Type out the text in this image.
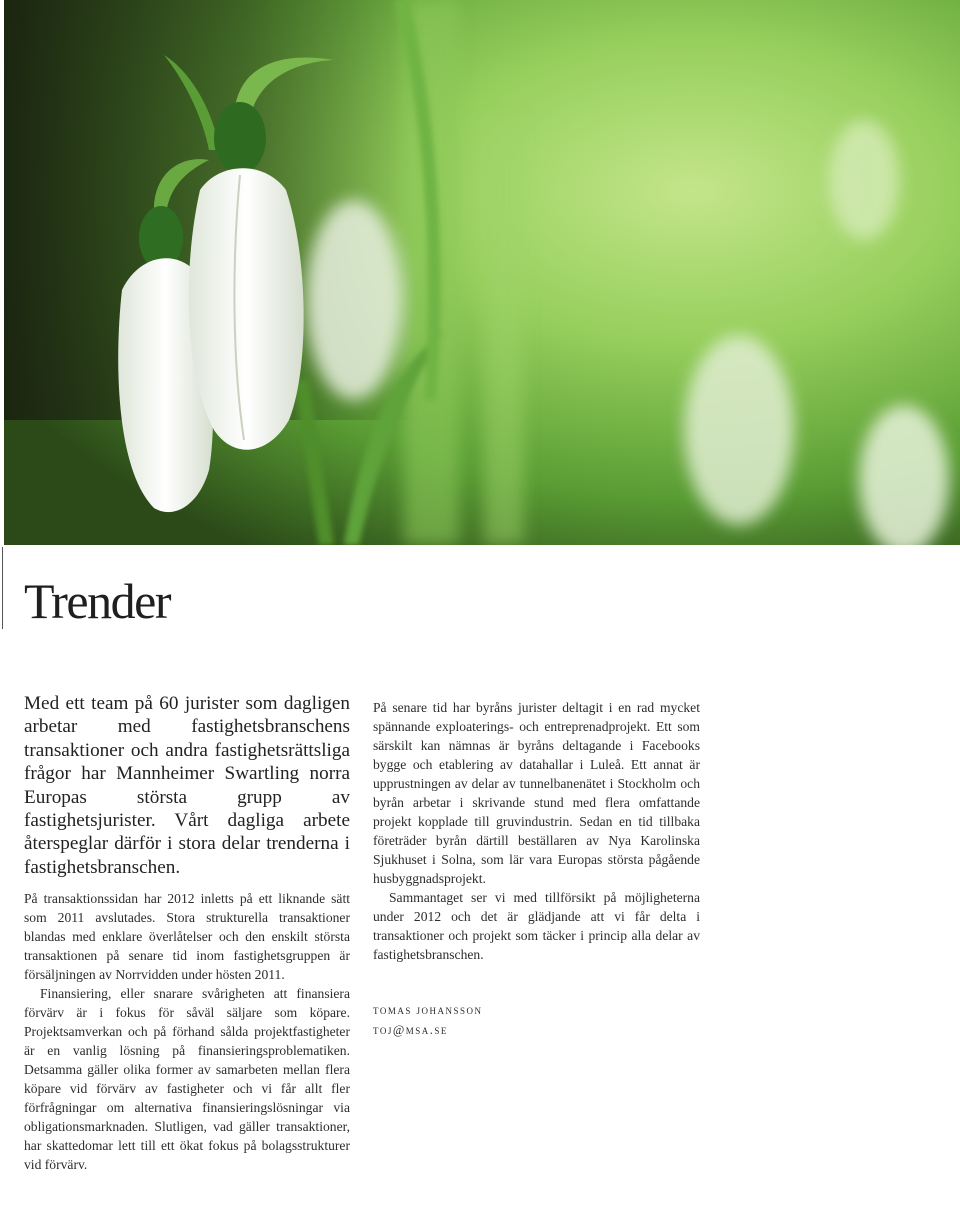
Trender

Med ett team på 60 jurister som dagligen arbetar med fastighetsbranschens transaktioner och andra fastighetsrättsliga frågor har Mannheimer Swartling norra Europas största grupp av fastighetsjurister. Vårt dagliga arbete återspeglar därför i stora delar trenderna i fastighetsbranschen.

På transaktionssidan har 2012 inletts på ett liknande sätt som 2011 avslutades. Stora strukturella transaktioner blandas med enklare överlåtelser och den enskilt största transaktionen på senare tid inom fastighetsgruppen är försäljningen av Norrvidden under hösten 2011.

Finansiering, eller snarare svårigheten att finansiera förvärv är i fokus för såväl säljare som köpare. Projektsamverkan och på förhand sålda projektfastigheter är en vanlig lösning på finansieringsproblematiken. Detsamma gäller olika former av samarbeten mellan flera köpare vid förvärv av fastigheter och vi får allt fler förfrågningar om alternativa finansieringslösningar via obligationsmarknaden. Slutligen, vad gäller transaktioner, har skattedomar lett till ett ökat fokus på bolagsstrukturer vid förvärv.

På senare tid har byråns jurister deltagit i en rad mycket spännande exploaterings- och entreprenadprojekt. Ett som särskilt kan nämnas är byråns deltagande i Facebooks bygge och etablering av datahallar i Luleå. Ett annat är upprustningen av delar av tunnelbanenätet i Stockholm och byrån arbetar i skrivande stund med flera omfattande projekt kopplade till gruvindustrin. Sedan en tid tillbaka företräder byrån därtill beställaren av Nya Karolinska Sjukhuset i Solna, som lär vara Europas största pågående husbyggnadsprojekt.

Sammantaget ser vi med tillförsikt på möjligheterna under 2012 och det är glädjande att vi får delta i transaktioner och projekt som täcker i princip alla delar av fastighetsbranschen.

tomas johansson
toj@msa.se
